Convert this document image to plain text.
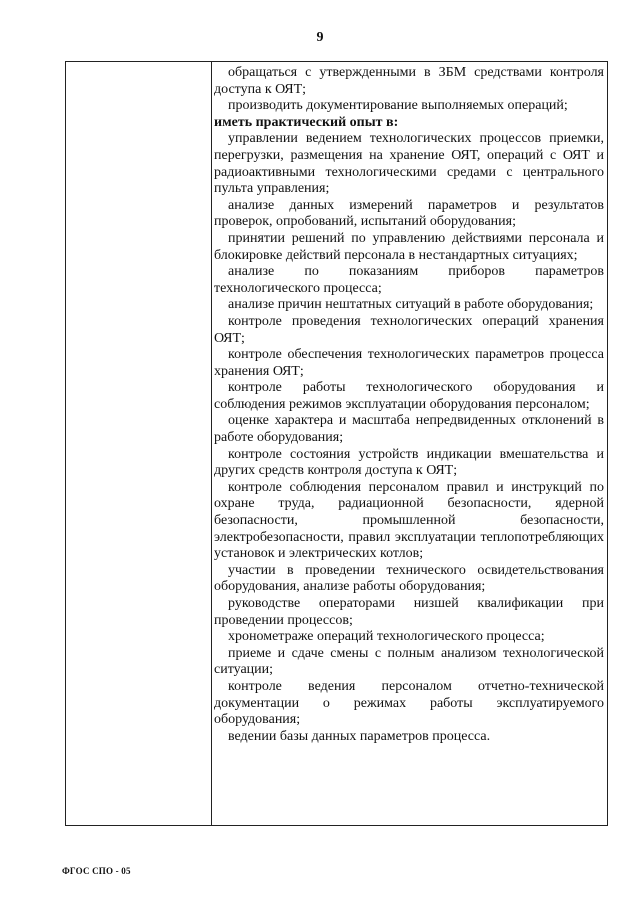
9

обращаться с утвержденными в ЗБМ средствами контроля доступа к ОЯТ;

производить документирование выполняемых операций;

иметь практический опыт в:

управлении ведением технологических процессов приемки, перегрузки, размещения на хранение ОЯТ, операций с ОЯТ и радиоактивными технологическими средами с центрального пульта управления;

анализе данных измерений параметров и результатов проверок, опробований, испытаний оборудования;

принятии решений по управлению действиями персонала и блокировке действий персонала в нестандартных ситуациях;

анализе по показаниям приборов параметров технологического процесса;

анализе причин нештатных ситуаций в работе оборудования;

контроле проведения технологических операций хранения ОЯТ;

контроле обеспечения технологических параметров процесса хранения ОЯТ;

контроле работы технологического оборудования и соблюдения режимов эксплуатации оборудования персоналом;

оценке характера и масштаба непредвиденных отклонений в работе оборудования;

контроле состояния устройств индикации вмешательства и других средств контроля доступа к ОЯТ;

контроле соблюдения персоналом правил и инструкций по охране труда, радиационной безопасности, ядерной безопасности, промышленной безопасности, электробезопасности, правил эксплуатации теплопотребляющих установок и электрических котлов;

участии в проведении технического освидетельствования оборудования, анализе работы оборудования;

руководстве операторами низшей квалификации при проведении процессов;

хронометраже операций технологического процесса;

приеме и сдаче смены с полным анализом технологической ситуации;

контроле ведения персоналом отчетно-технической документации о режимах работы эксплуатируемого оборудования;

ведении базы данных параметров процесса.

ФГОС СПО - 05
